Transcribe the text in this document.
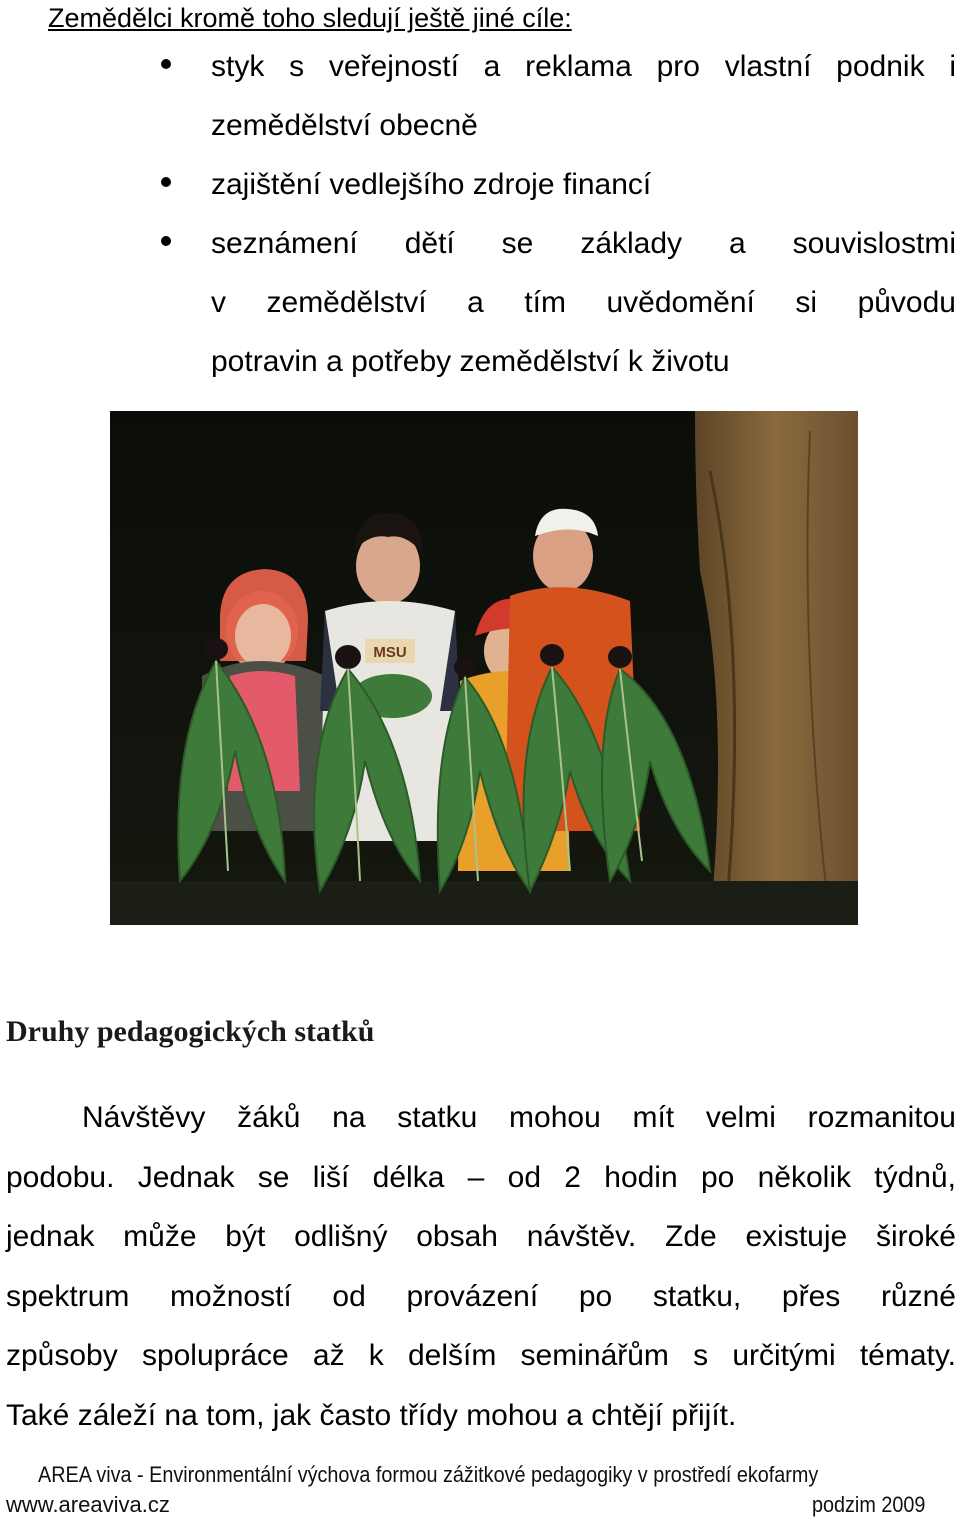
Zemědělci kromě toho sledují ještě jiné cíle:
styk s veřejností a reklama pro vlastní podnik i
zemědělství obecně
zajištění vedlejšího zdroje financí
seznámení dětí se základy a souvislostmi
v zemědělství a tím uvědomění si původu
potravin a potřeby zemědělství k životu
MSU
Druhy pedagogických statků
Návštěvy žáků na statku mohou mít velmi rozmanitou
podobu. Jednak se liší délka – od 2 hodin po několik týdnů,
jednak může být odlišný obsah návštěv. Zde existuje široké
spektrum možností od provázení po statku, přes různé
způsoby spolupráce až k delším seminářům s určitými tématy.
Také záleží na tom, jak často třídy mohou a chtějí přijít.
AREA viva - Environmentální výchova formou zážitkové pedagogiky v prostředí ekofarmy
www.areaviva.cz	podzim 2009
